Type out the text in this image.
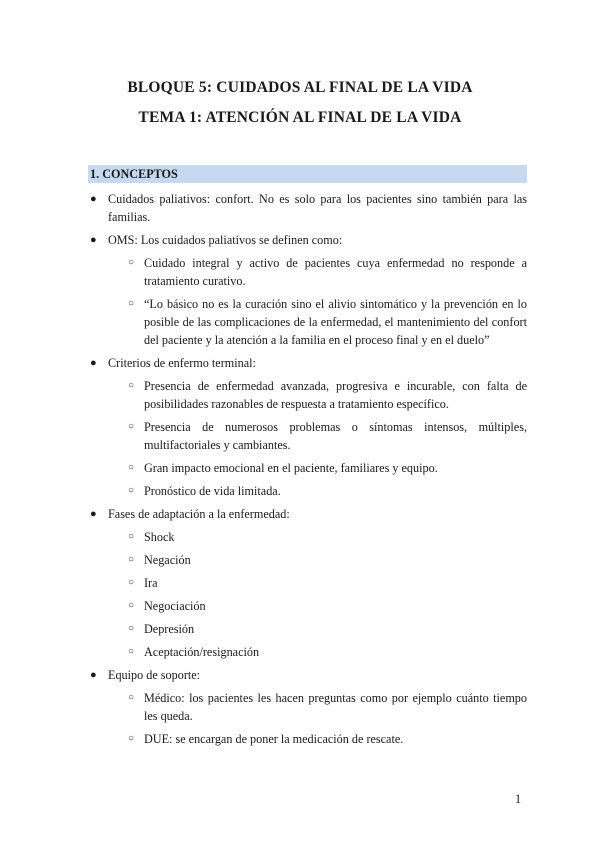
BLOQUE 5: CUIDADOS AL FINAL DE LA VIDA
TEMA 1: ATENCIÓN AL FINAL DE LA VIDA
1. CONCEPTOS
● Cuidados paliativos: confort. No es solo para los pacientes sino también para las familias.
● OMS: Los cuidados paliativos se definen como:
○ Cuidado integral y activo de pacientes cuya enfermedad no responde a tratamiento curativo.
○ “Lo básico no es la curación sino el alivio sintomático y la prevención en lo posible de las complicaciones de la enfermedad, el mantenimiento del confort del paciente y la atención a la familia en el proceso final y en el duelo”
● Criterios de enfermo terminal:
○ Presencia de enfermedad avanzada, progresiva e incurable, con falta de posibilidades razonables de respuesta a tratamiento específico.
○ Presencia de numerosos problemas o síntomas intensos, múltiples, multifactoriales y cambiantes.
○ Gran impacto emocional en el paciente, familiares y equipo.
○ Pronóstico de vida limitada.
● Fases de adaptación a la enfermedad:
○ Shock
○ Negación
○ Ira
○ Negociación
○ Depresión
○ Aceptación/resignación
● Equipo de soporte:
○ Médico: los pacientes les hacen preguntas como por ejemplo cuánto tiempo les queda.
○ DUE: se encargan de poner la medicación de rescate.
1
